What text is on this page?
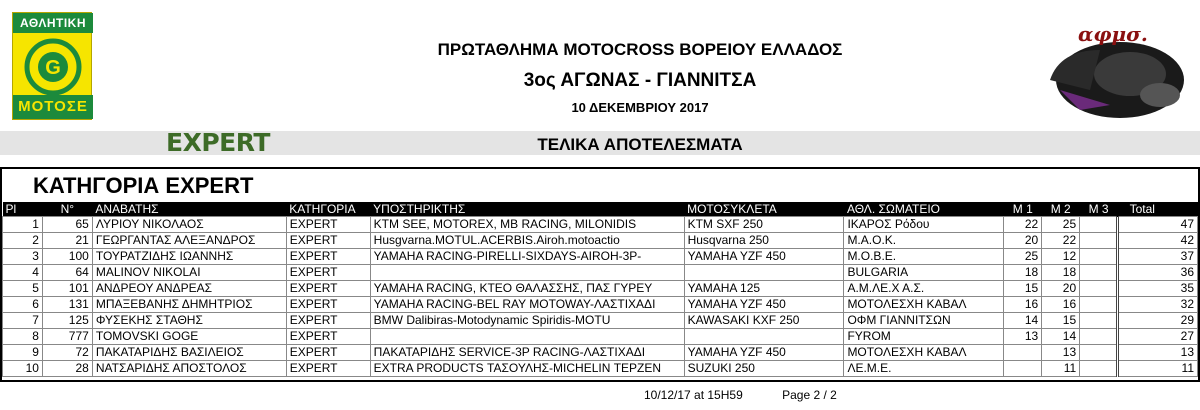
ΑΘΛΗΤΙΚΗ
G
ΜΟΤΟΣΕ
αφμσ.
ΠΡΩΤΑΘΛΗΜΑ MOTOCROSS ΒΟΡΕΙΟΥ ΕΛΛΑΔΟΣ
3ος ΑΓΩΝΑΣ - ΓΙΑΝΝΙΤΣΑ
10 ΔΕΚΕΜΒΡΙΟΥ 2017
EXPERT	ΤΕΛΙΚΑ ΑΠΟΤΕΛΕΣΜΑΤΑ
ΚΑΤΗΓΟΡΙΑ EXPERT
Pl	N°	ΑΝΑΒΑΤΗΣ	ΚΑΤΗΓΟΡΙΑ	ΥΠΟΣΤΗΡΙΚΤΗΣ	ΜΟΤΟΣΥΚΛΕΤΑ	ΑΘΛ. ΣΩΜΑΤΕΙΟ	Μ 1	Μ 2	Μ 3	Total
1	65	ΛΥΡΙΟΥ ΝΙΚΟΛΑΟΣ	EXPERT	KTM SEE, MOTOREX, MB RACING, MILONIDIS	KTM SXF 250	ΙΚΑΡΟΣ Ρόδου	22	25		47
2	21	ΓΕΩΡΓΑΝΤΑΣ ΑΛΕΞΑΝΔΡΟΣ	EXPERT	Husgvarna.MOTUL.ACERBIS.Airoh.motoactio	Husqvarna 250	Μ.Α.Ο.Κ.	20	22		42
3	100	ΤΟΥΡΑΤΖΙΔΗΣ ΙΩΑΝΝΗΣ	EXPERT	YAMAHA RACING-PIRELLI-SIXDAYS-AIROH-3P-	YAMAHA YZF 450	Μ.Ο.Β.Ε.	25	12		37
4	64	MALINOV NIKOLAI	EXPERT			BULGARIA	18	18		36
5	101	ΑΝΔΡΕΟΥ ΑΝΔΡΕΑΣ	EXPERT	YAMAHA RACING, ΚΤΕΟ ΘΑΛΑΣΣΗΣ, ΠΑΣ ΓΥΡΕΥ	YAMAHA 125	Α.Μ.ΛΕ.Χ Α.Σ.	15	20		35
6	131	ΜΠΑΞΕΒΑΝΗΣ ΔΗΜΗΤΡΙΟΣ	EXPERT	YAMAHA RACING-BEL RAY MOTOWAY-ΛΑΣΤΙΧΑΔΙ	YAMAHA YZF 450	ΜΟΤΟΛΕΣΧΗ ΚΑΒΑΛ	16	16		32
7	125	ΦΥΣΕΚΗΣ ΣΤΑΘΗΣ	EXPERT	BMW Dalibiras-Motodynamic Spiridis-MOTU	KAWASAKI KXF 250	ΟΦΜ ΓΙΑΝΝΙΤΣΩΝ	14	15		29
8	777	TOMOVSKI GOGE	EXPERT			FYROM	13	14		27
9	72	ΠΑΚΑΤΑΡΙΔΗΣ ΒΑΣΙΛΕΙΟΣ	EXPERT	ΠΑΚΑΤΑΡΙΔΗΣ SERVICE-3P RACING-ΛΑΣΤΙΧΑΔΙ	YAMAHA YZF 450	ΜΟΤΟΛΕΣΧΗ ΚΑΒΑΛ		13		13
10	28	ΝΑΤΣΑΡΙΔΗΣ ΑΠΟΣΤΟΛΟΣ	EXPERT	EXTRA PRODUCTS ΤΑΣΟΥΛΗΣ-MICHELIN ΤΕΡΖΕΝ	SUZUKI 250	ΛΕ.Μ.Ε.		11		11
10/12/17 at 15H59	Page 2 / 2
